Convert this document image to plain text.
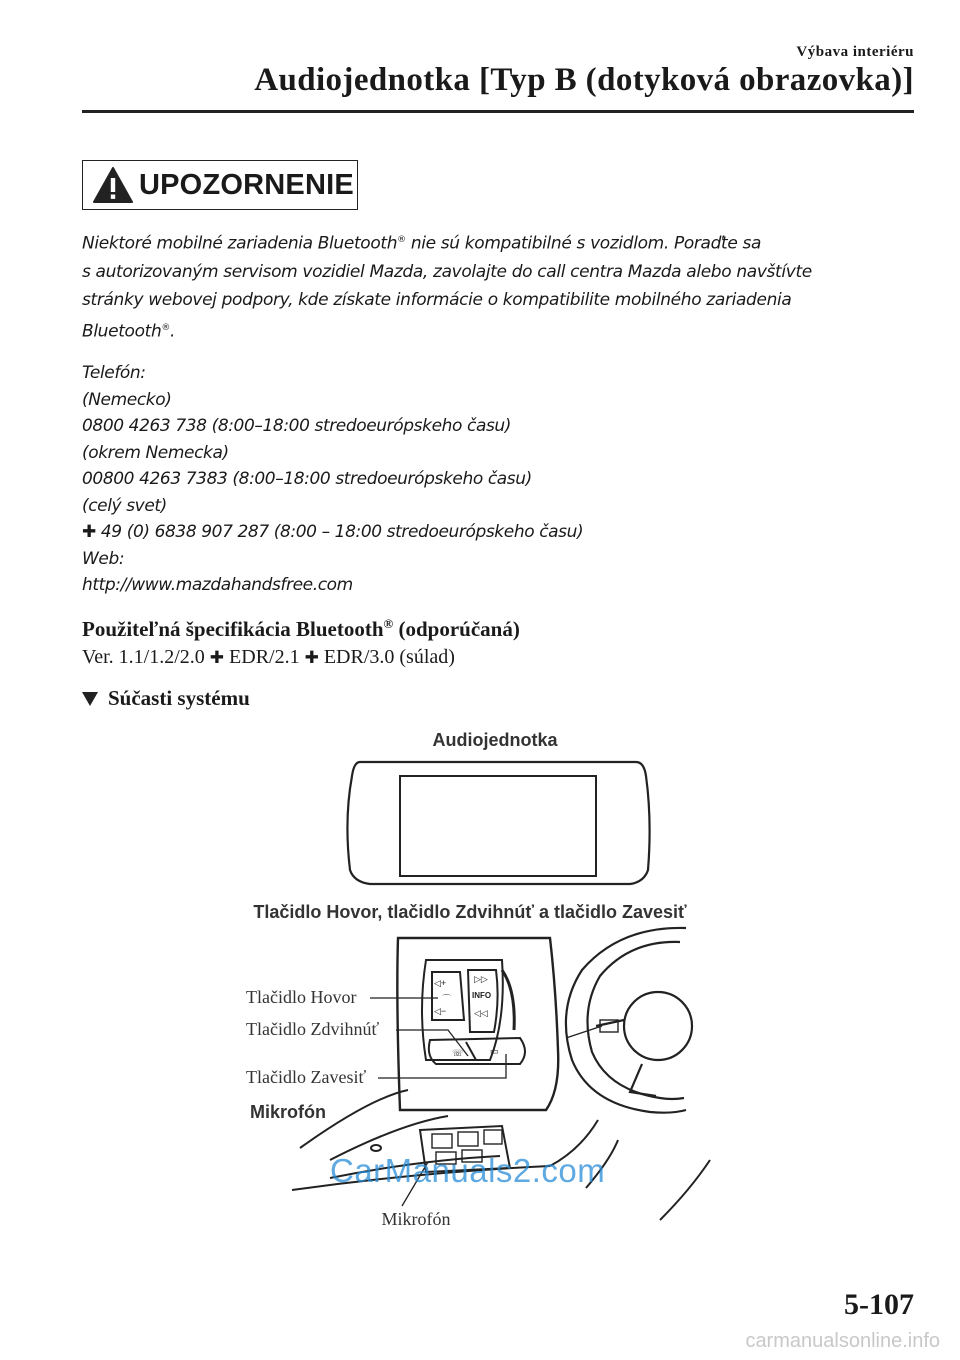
Výbava interiéru
Audiojednotka [Typ B (dotyková obrazovka)]
UPOZORNENIE

Niektoré mobilné zariadenia Bluetooth® nie sú kompatibilné s vozidlom. Poraďte sa

s autorizovaným servisom vozidiel Mazda, zavolajte do call centra Mazda alebo navštívte

stránky webovej podpory, kde získate informácie o kompatibilite mobilného zariadenia

Bluetooth®.

Telefón:
(Nemecko)
0800 4263 738 (8:00–18:00 stredoeurópskeho času)
(okrem Nemecka)
00800 4263 7383 (8:00–18:00 stredoeurópskeho času)
(celý svet)
✚ 49 (0) 6838 907 287 (8:00 – 18:00 stredoeurópskeho času)
Web:
http://www.mazdahandsfree.com
Použiteľná špecifikácia Bluetooth® (odporúčaná)
Ver. 1.1/1.2/2.0 ✚ EDR/2.1 ✚ EDR/3.0 (súlad)
Súčasti systému
Audiojednotka
Tlačidlo Hovor, tlačidlo Zdvihnúť a tlačidlo Zavesiť
◁+	▷▷
⌒	INFO
◁−	◁◁
☏	▭
Tlačidlo Hovor
Tlačidlo Zdvihnúť
Tlačidlo Zavesiť
Mikrofón
Mikrofón
CarManuals2.com
5-107
carmanualsonline.info
